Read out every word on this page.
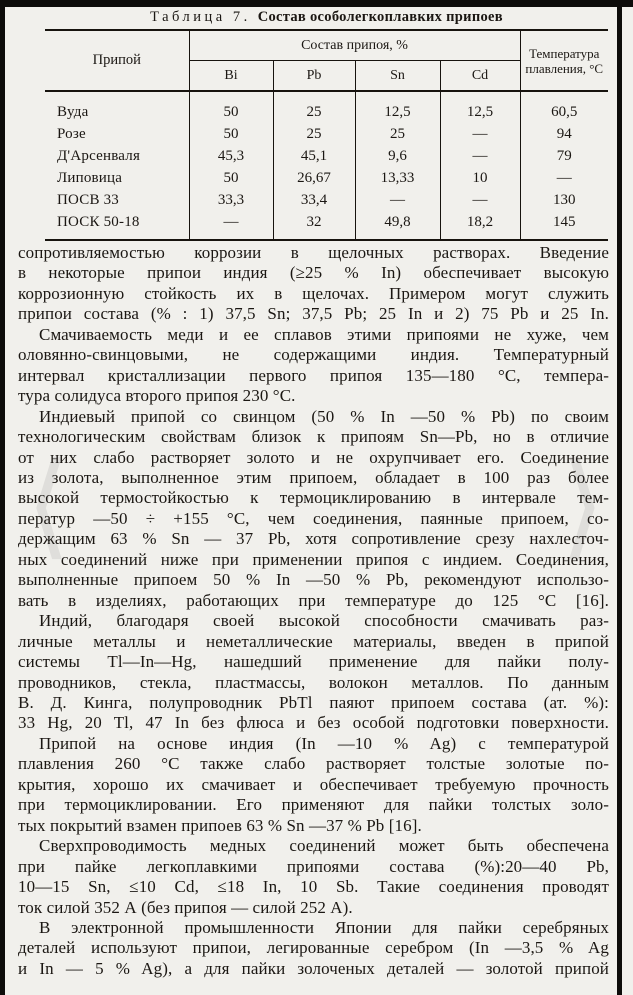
Таблица 7. Состав особолегкоплавких припоев
Припой	Состав припоя, %				Температура плавления, °С
	Bi	Pb	Sn	Cd	
Вуда	50	25	12,5	12,5	60,5
Розе	50	25	25	—	94
Д'Арсенваля	45,3	45,1	9,6	—	79
Липовица	50	26,67	13,33	10	—
ПОСВ 33	33,3	33,4	—	—	130
ПОСК 50-18	—	32	49,8	18,2	145
сопротивляемостью коррозии в щелочных растворах. Введение
в некоторые припои индия (≥25 % In) обеспечивает высокую
коррозионную стойкость их в щелочах. Примером могут служить
припои состава (% : 1) 37,5 Sn; 37,5 Pb; 25 In и 2) 75 Pb и 25 In.
Смачиваемость меди и ее сплавов этими припоями не хуже, чем
оловянно-свинцовыми, не содержащими индия. Температурный
интервал кристаллизации первого припоя 135—180 °С, темпера-
тура солидуса второго припоя 230 °С.
Индиевый припой со свинцом (50 % In —50 % Pb) по своим
технологическим свойствам близок к припоям Sn—Pb, но в отличие
от них слабо растворяет золото и не охрупчивает его. Соединение
из золота, выполненное этим припоем, обладает в 100 раз более
высокой термостойкостью к термоциклированию в интервале тем-
ператур —50 ÷ +155 °С, чем соединения, паянные припоем, со-
держащим 63 % Sn — 37 Pb, хотя сопротивление срезу нахлесточ-
ных соединений ниже при применении припоя с индием. Соединения,
выполненные припоем 50 % In —50 % Pb, рекомендуют использо-
вать в изделиях, работающих при температуре до 125 °С [16].
Индий, благодаря своей высокой способности смачивать раз-
личные металлы и неметаллические материалы, введен в припой
системы Tl—In—Hg, нашедший применение для пайки полу-
проводников, стекла, пластмассы, волокон металлов. По данным
В. Д. Кинга, полупроводник PbTl паяют припоем состава (ат. %):
33 Hg, 20 Tl, 47 In без флюса и без особой подготовки поверхности.
Припой на основе индия (In —10 % Ag) с температурой
плавления 260 °С также слабо растворяет толстые золотые по-
крытия, хорошо их смачивает и обеспечивает требуемую прочность
при термоциклировании. Его применяют для пайки толстых золо-
тых покрытий взамен припоев 63 % Sn —37 % Pb [16].
Сверхпроводимость медных соединений может быть обеспечена
при пайке легкоплавкими припоями состава (%):20—40 Pb,
10—15 Sn, ≤10 Cd, ≤18 In, 10 Sb. Такие соединения проводят
ток силой 352 А (без припоя — силой 252 А).
В электронной промышленности Японии для пайки серебряных
деталей используют припои, легированные серебром (In —3,5 % Ag
и In — 5 % Ag), а для пайки золоченых деталей — золотой припой
⟨	⟩
